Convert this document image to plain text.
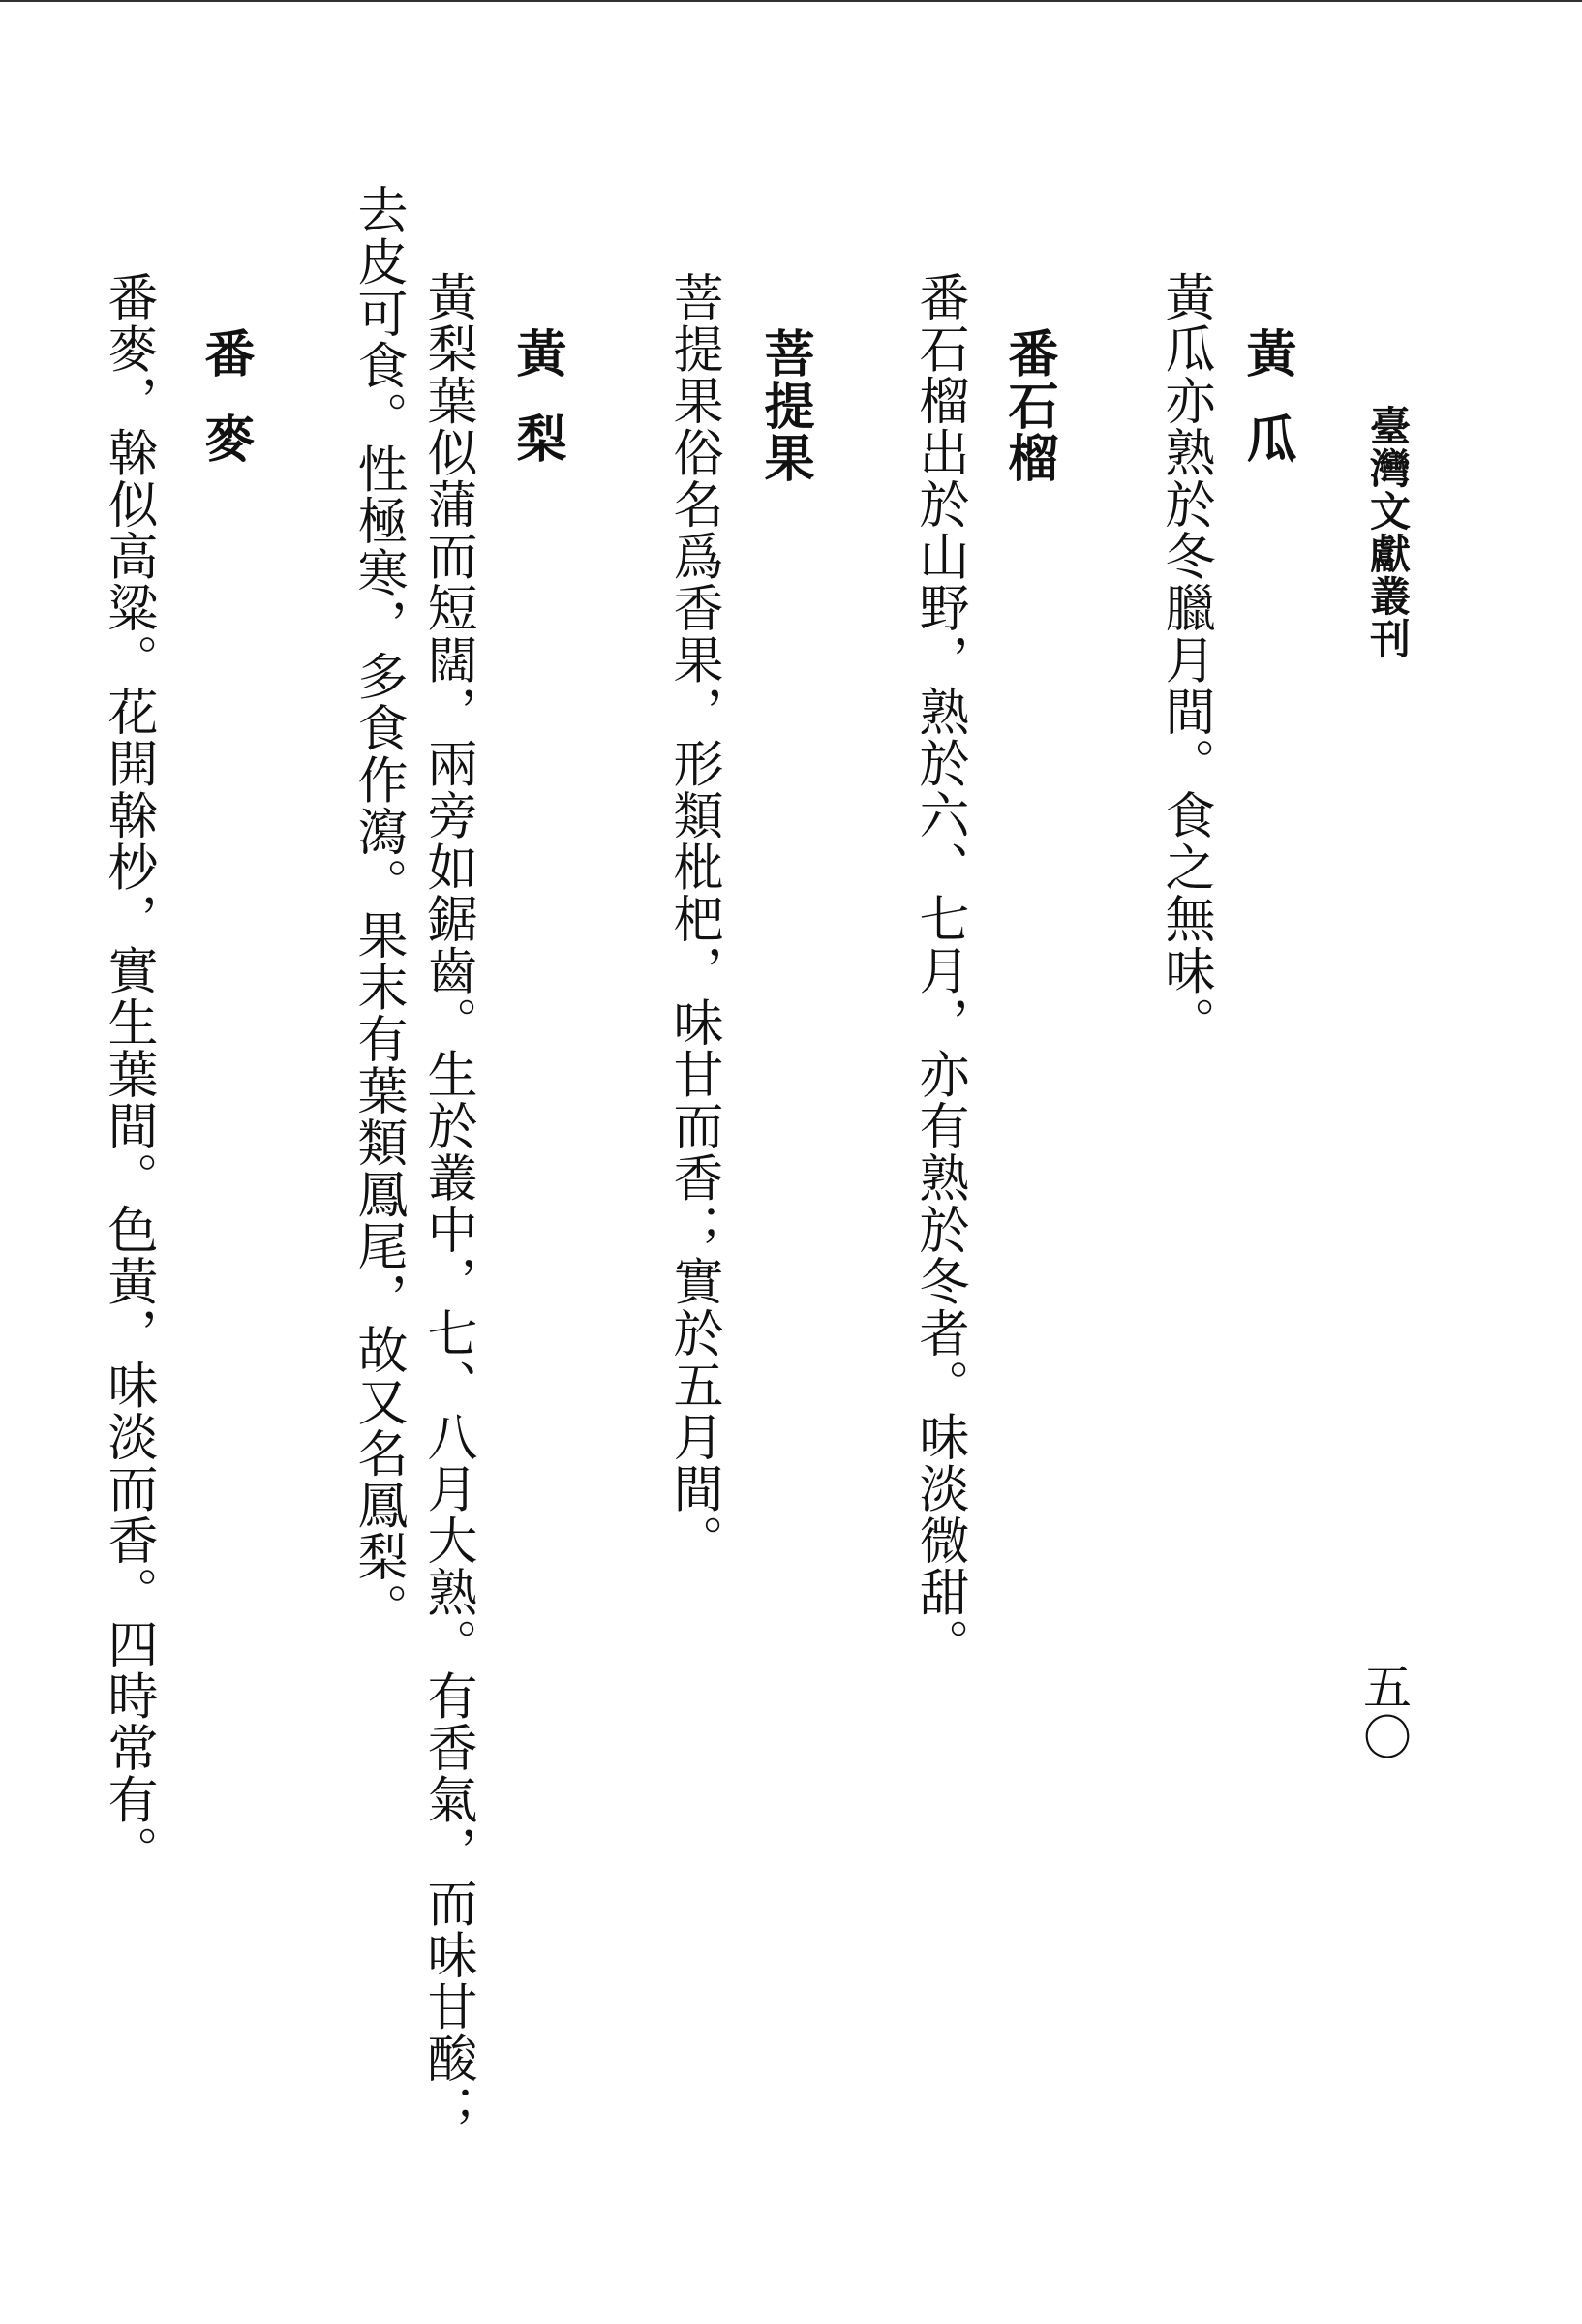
臺灣文獻叢刊
五〇
黃瓜
黃瓜亦熟於冬臘月間。食之無味。
番石榴
番石榴出於山野，熟於六、七月，亦有熟於冬者。味淡微甜。
菩提果
菩提果俗名爲香果，形類枇杷，味甘而香；實於五月間。
黃梨
黃梨葉似蒲而短闊，兩旁如鋸齒。生於叢中，七、八月大熟。有香氣，而味甘酸；
去皮可食。性極寒，多食作瀉。果末有葉類鳳尾，故又名鳳梨。
番麥
番麥，榦似高粱。花開榦杪，實生葉間。色黃，味淡而香。四時常有。
